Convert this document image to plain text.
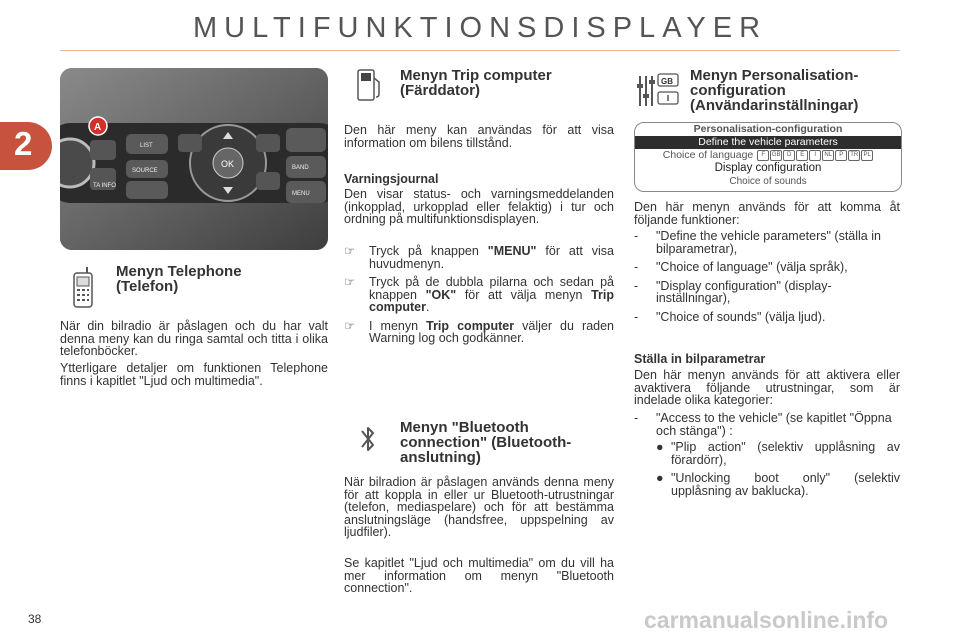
MULTIFUNKTIONSDISPLAYER
2
TA INFO
LIST
SOURCE
OK	BAND
MENU
A
Menyn Telephone
(Telefon)

När din bilradio är påslagen och du har valt denna meny kan du ringa samtal och titta i olika telefonböcker.

Ytterligare detaljer om funktionen Telephone finns i kapitlet "Ljud och multimedia".

Menyn Trip computer
(Färddator)

Den här meny kan användas för att visa information om bilens tillstånd.

Varningsjournal

Den visar status- och varningsmeddelanden (inkopplad, urkopplad eller felaktig) i tur och ordning på multifunktionsdisplayen.

☞ Tryck på knappen "MENU" för att visa huvudmenyn.
☞ Tryck på de dubbla pilarna och sedan på knappen "OK" för att välja menyn Trip computer.
☞ I menyn Trip computer väljer du raden Warning log och godkänner.
Menyn "Bluetooth
connection" (Bluetooth-
anslutning)

När bilradion är påslagen används denna meny för att koppla in eller ur Bluetooth-utrustningar (telefon, mediaspelare) och för att bestämma anslutningsläge (handsfree, uppspelning av ljudfiler).

Se kapitlet "Ljud och multimedia" om du vill ha mer information om menyn "Bluetooth connection".

GB Menyn Personalisation-
configuration
(Användarinställningar)
Personalisation-configuration
Define the vehicle parameters
Choice of language F GB D E I NL P TR PL
Display configuration
Choice of sounds

Den här menyn används för att komma åt följande funktioner:

- "Define the vehicle parameters" (ställa in bilparametrar),
- "Choice of language" (välja språk),
- "Display configuration" (display-inställningar),
- "Choice of sounds" (välja ljud).

Ställa in bilparametrar

Den här menyn används för att aktivera eller avaktivera följande utrustningar, som är indelade olika kategorier:

- "Access to the vehicle" (se kapitlet "Öppna och stänga") :
● "Plip action" (selektiv upplåsning av förardörr),
● "Unlocking boot only" (selektiv upplåsning av baklucka).
38	carmanualsonline.info
